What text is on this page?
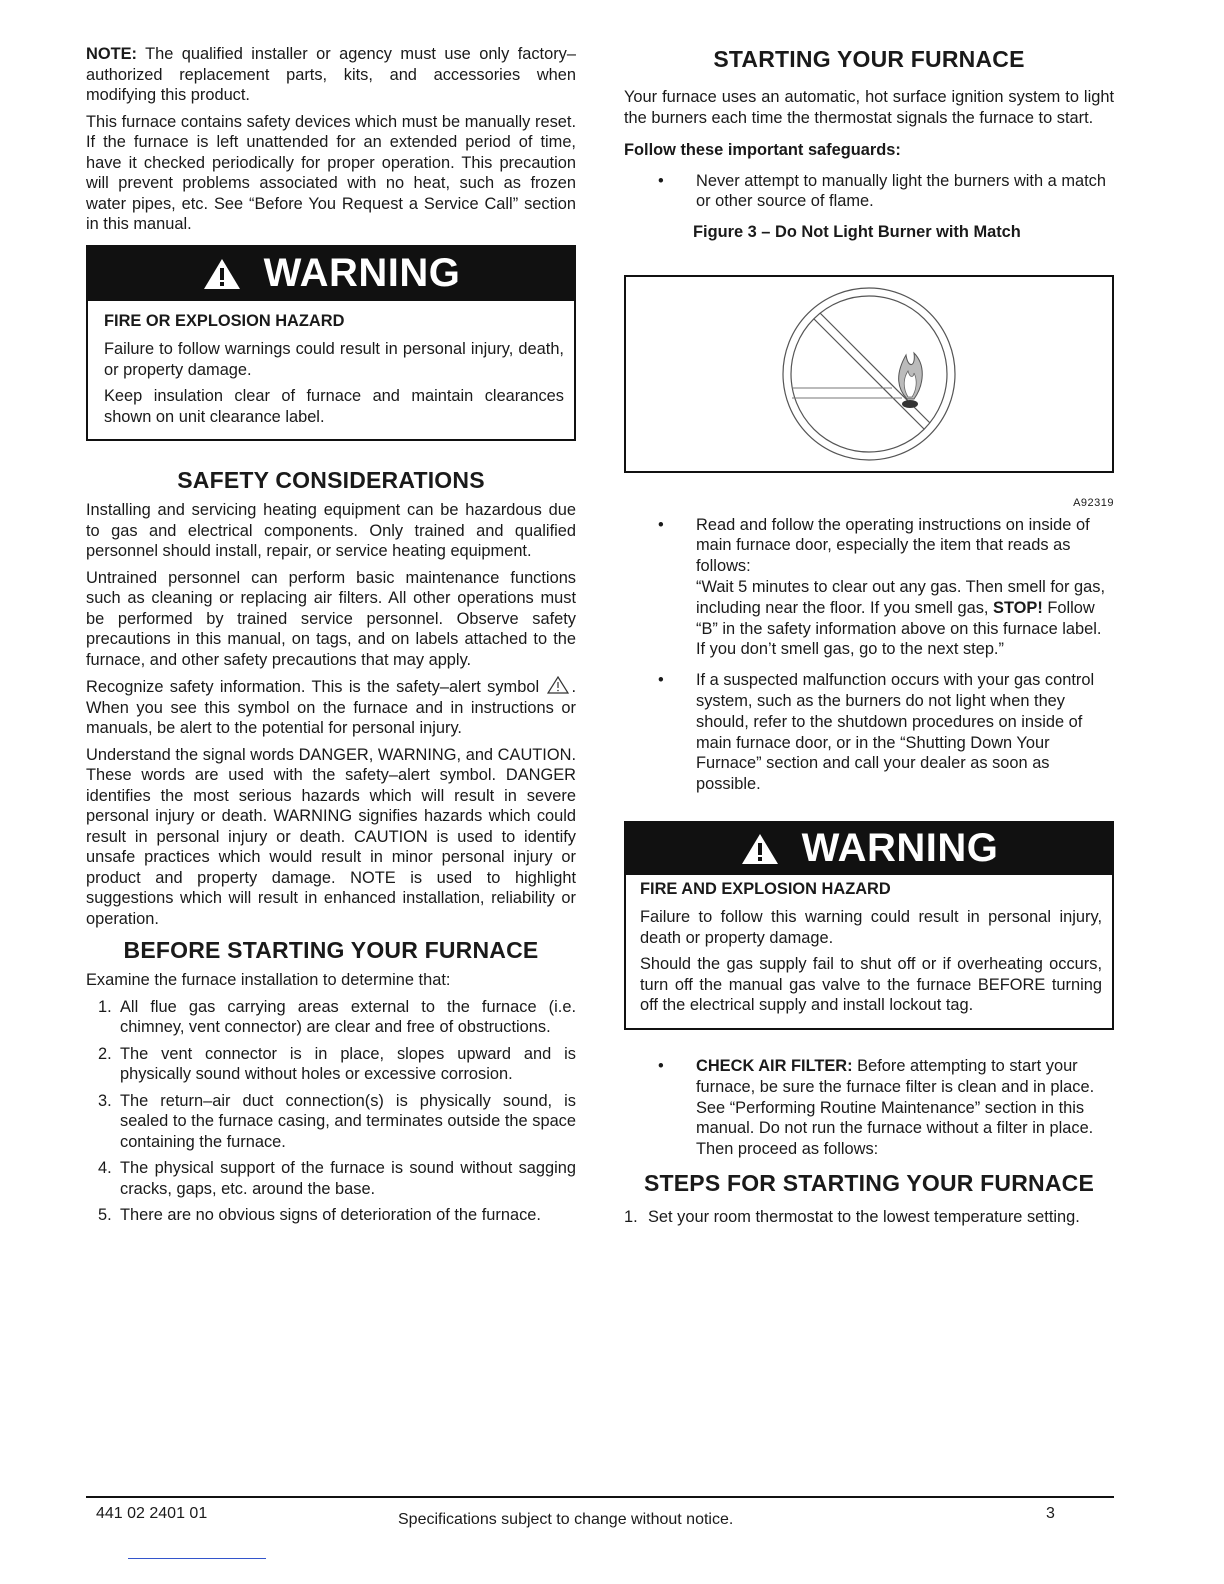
NOTE: The qualified installer or agency must use only factory–authorized replacement parts, kits, and accessories when modifying this product.

This furnace contains safety devices which must be manually reset. If the furnace is left unattended for an extended period of time, have it checked periodically for proper operation. This precaution will prevent problems associated with no heat, such as frozen water pipes, etc. See “Before You Request a Service Call” section in this manual.

WARNING

FIRE OR EXPLOSION HAZARD

Failure to follow warnings could result in personal injury, death, or property damage.

Keep insulation clear of furnace and maintain clearances shown on unit clearance label.

SAFETY CONSIDERATIONS

Installing and servicing heating equipment can be hazardous due to gas and electrical components. Only trained and qualified personnel should install, repair, or service heating equipment.

Untrained personnel can perform basic maintenance functions such as cleaning or replacing air filters. All other operations must be performed by trained service personnel. Observe safety precautions in this manual, on tags, and on labels attached to the furnace, and other safety precautions that may apply.

Recognize safety information. This is the safety–alert symbol . When you see this symbol on the furnace and in instructions or manuals, be alert to the potential for personal injury.

Understand the signal words DANGER, WARNING, and CAUTION. These words are used with the safety–alert symbol. DANGER identifies the most serious hazards which will result in severe personal injury or death. WARNING signifies hazards which could result in personal injury or death. CAUTION is used to identify unsafe practices which would result in minor personal injury or product and property damage. NOTE is used to highlight suggestions which will result in enhanced installation, reliability or operation.

BEFORE STARTING YOUR FURNACE

Examine the furnace installation to determine that:

1. All flue gas carrying areas external to the furnace (i.e. chimney, vent connector) are clear and free of obstructions.
2. The vent connector is in place, slopes upward and is physically sound without holes or excessive corrosion.
3. The return–air duct connection(s) is physically sound, is sealed to the furnace casing, and terminates outside the space containing the furnace.
4. The physical support of the furnace is sound without sagging cracks, gaps, etc. around the base.
5. There are no obvious signs of deterioration of the furnace.
STARTING YOUR FURNACE

Your furnace uses an automatic, hot surface ignition system to light the burners each time the thermostat signals the furnace to start.

Follow these important safeguards:

• Never attempt to manually light the burners with a match or other source of flame.

Figure 3 – Do Not Light Burner with Match

A92319
• Read and follow the operating instructions on inside of main furnace door, especially the item that reads as follows:
“Wait 5 minutes to clear out any gas. Then smell for gas, including near the floor. If you smell gas, STOP! Follow “B” in the safety information above on this furnace label. If you don’t smell gas, go to the next step.”
• If a suspected malfunction occurs with your gas control system, such as the burners do not light when they should, refer to the shutdown procedures on inside of main furnace door, or in the “Shutting Down Your Furnace” section and call your dealer as soon as possible.
WARNING

FIRE AND EXPLOSION HAZARD

Failure to follow this warning could result in personal injury, death or property damage.

Should the gas supply fail to shut off or if overheating occurs, turn off the manual gas valve to the furnace BEFORE turning off the electrical supply and install lockout tag.

• CHECK AIR FILTER: Before attempting to start your furnace, be sure the furnace filter is clean and in place. See “Performing Routine Maintenance” section in this manual. Do not run the furnace without a filter in place. Then proceed as follows:
STEPS FOR STARTING YOUR FURNACE
1. Set your room thermostat to the lowest temperature setting.
441 02 2401 01	Specifications subject to change without notice.	3
